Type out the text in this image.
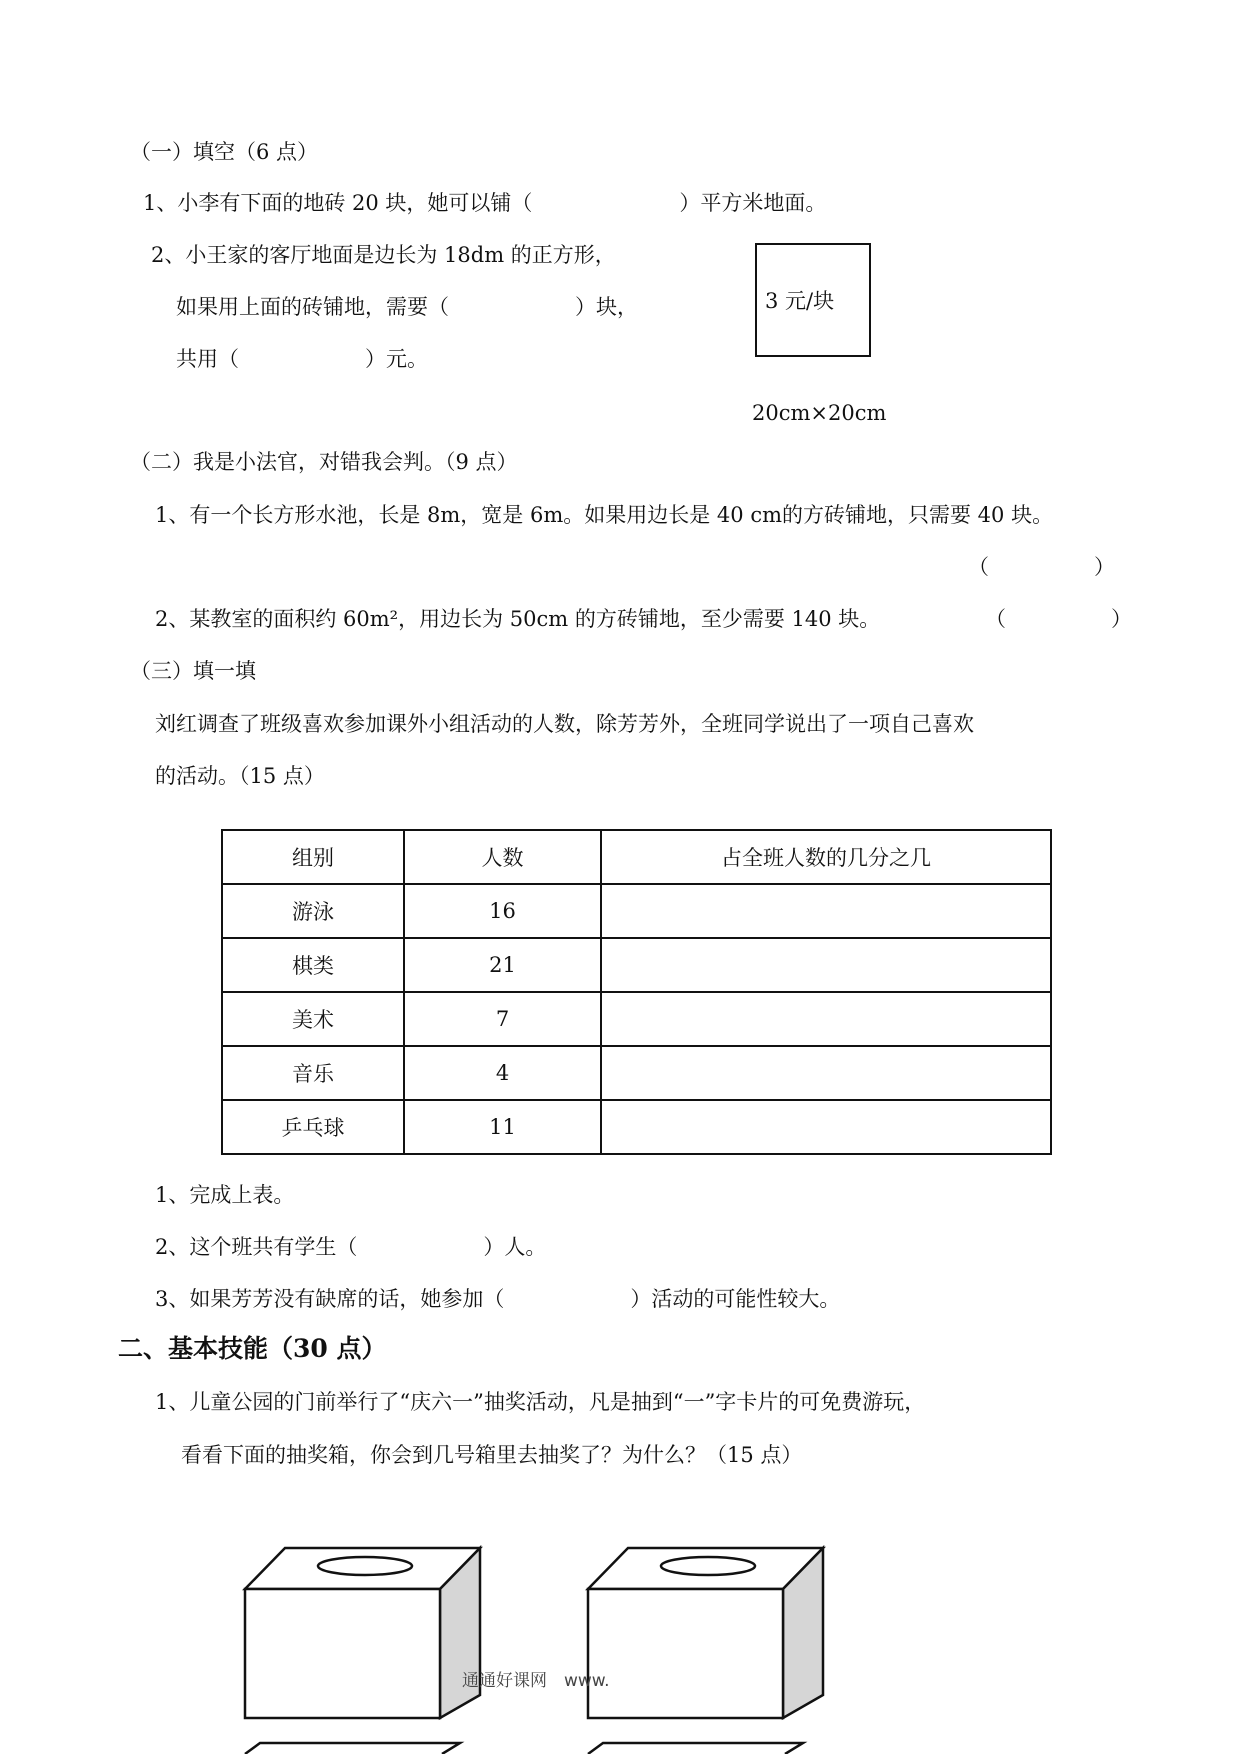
（一）填空（6 点）
1、小李有下面的地砖 20 块，她可以铺（　　　　　　　）平方米地面。
2、小王家的客厅地面是边长为 18dm 的正方形，
如果用上面的砖铺地，需要（　　　　　　）块，
共用（　　　　　　）元。
3 元/块
20cm×20cm
（二）我是小法官，对错我会判。（9 点）
1、有一个长方形水池，长是 8m，宽是 6m。如果用边长是 40 cm的方砖铺地，只需要 40 块。
（　　　　　）
2、某教室的面积约 60m²，用边长为 50cm 的方砖铺地，至少需要 140 块。	（　　　　　）
（三）填一填
刘红调查了班级喜欢参加课外小组活动的人数，除芳芳外，全班同学说出了一项自己喜欢
的活动。（15 点）
组别	人数	占全班人数的几分之几
游泳	16	
棋类	21	
美术	7	
音乐	4	
乒乓球	11	
1、完成上表。
2、这个班共有学生（　　　　　　）人。
3、如果芳芳没有缺席的话，她参加（　　　　　　）活动的可能性较大。
二、基本技能（30 点）
1、儿童公园的门前举行了“庆六一”抽奖活动，凡是抽到“一”字卡片的可免费游玩，
看看下面的抽奖箱，你会到几号箱里去抽奖了？为什么？（15 点）
通通好课网　www.
